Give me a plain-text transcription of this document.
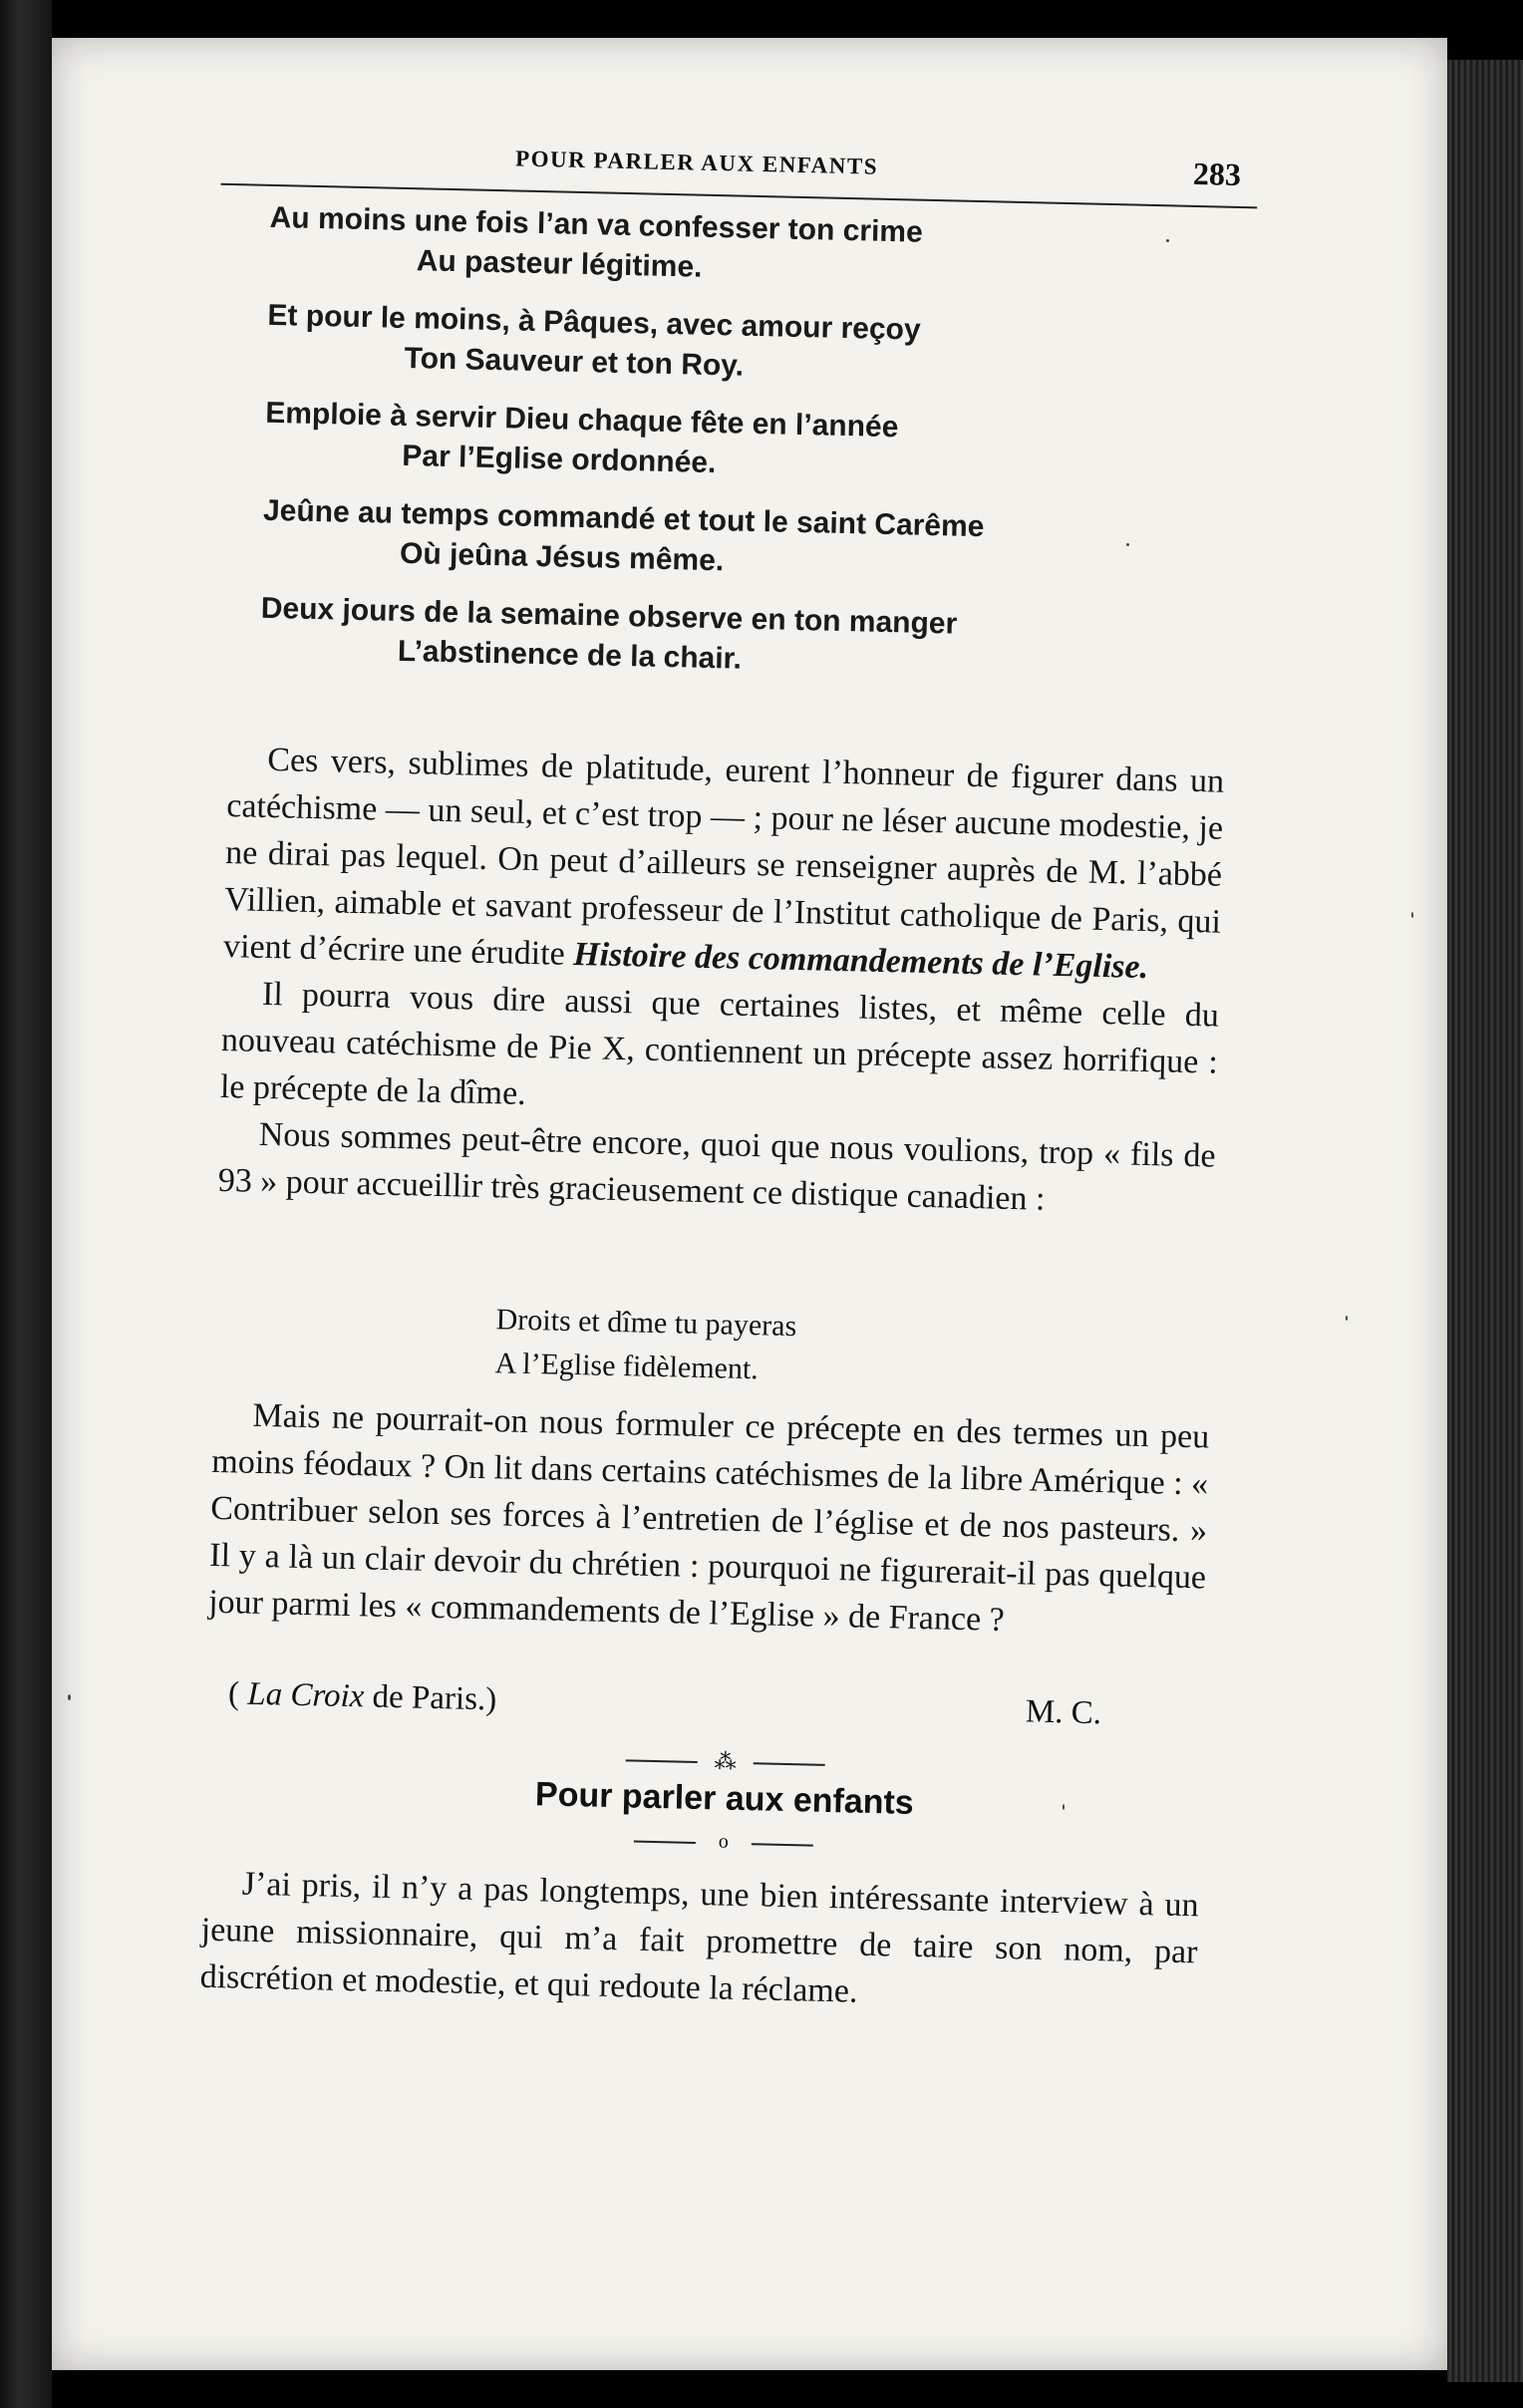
POUR PARLER AUX ENFANTS	283
Au moins une fois l’an va confesser ton crime
Au pasteur légitime.
Et pour le moins, à Pâques, avec amour reçoy
Ton Sauveur et ton Roy.
Emploie à servir Dieu chaque fête en l’année
Par l’Eglise ordonnée.
Jeûne au temps commandé et tout le saint Carême
Où jeûna Jésus même.
Deux jours de la semaine observe en ton manger
L’abstinence de la chair.

Ces vers, sublimes de platitude, eurent l’honneur de figurer dans un catéchisme — un seul, et c’est trop — ; pour ne léser aucune modestie, je ne dirai pas lequel. On peut d’ailleurs se renseigner auprès de M. l’abbé Villien, aimable et savant professeur de l’Institut catholique de Paris, qui vient d’écrire une érudite Histoire des commandements de l’Eglise.

Il pourra vous dire aussi que certaines listes, et même celle du nouveau catéchisme de Pie X, contiennent un précepte assez horrifique : le précepte de la dîme.

Nous sommes peut-être encore, quoi que nous voulions, trop « fils de 93 » pour accueillir très gracieusement ce distique canadien :

Droits et dîme tu payeras
A l’Eglise fidèlement.

Mais ne pourrait-on nous formuler ce précepte en des termes un peu moins féodaux ? On lit dans certains catéchismes de la libre Amérique : « Contribuer selon ses forces à l’entretien de l’église et de nos pasteurs. » Il y a là un clair devoir du chrétien : pourquoi ne figurerait-il pas quelque jour parmi les « commandements de l’Eglise » de France ?

( La Croix de Paris.)	M. C.
⁂
Pour parler aux enfants
o

J’ai pris, il n’y a pas longtemps, une bien intéressante interview à un jeune missionnaire, qui m’a fait promettre de taire son nom, par discrétion et modestie, et qui redoute la réclame.
